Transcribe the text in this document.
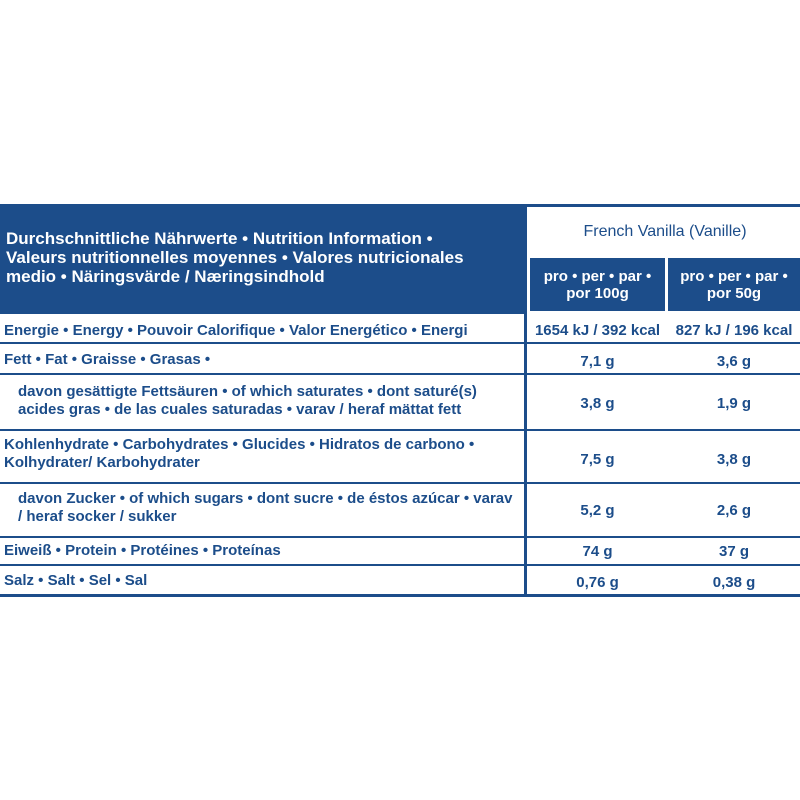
Durchschnittliche Nährwerte • Nutrition Information •
Valeurs nutritionnelles moyennes • Valores nutricionales
medio • Näringsvärde / Næringsindhold
French Vanilla (Vanille)
pro • per • par •
por 100g
pro • per • par •
por 50g
Energie • Energy • Pouvoir Calorifique • Valor Energético • Energi	1654 kJ / 392 kcal	827 kJ / 196 kcal
Fett • Fat • Graisse • Grasas •	7,1 g	3,6 g
davon gesättigte Fettsäuren • of which saturates • dont saturé(s) acides gras • de las cuales saturadas • varav / heraf mättat fett	3,8 g	1,9 g
Kohlenhydrate • Carbohydrates • Glucides • Hidratos de carbono • Kolhydrater/ Karbohydrater	7,5 g	3,8 g
davon Zucker • of which sugars • dont sucre • de éstos azúcar • varav / heraf socker / sukker	5,2 g	2,6 g
Eiweiß • Protein • Protéines • Proteínas	74 g	37 g
Salz • Salt • Sel • Sal	0,76 g	0,38 g
